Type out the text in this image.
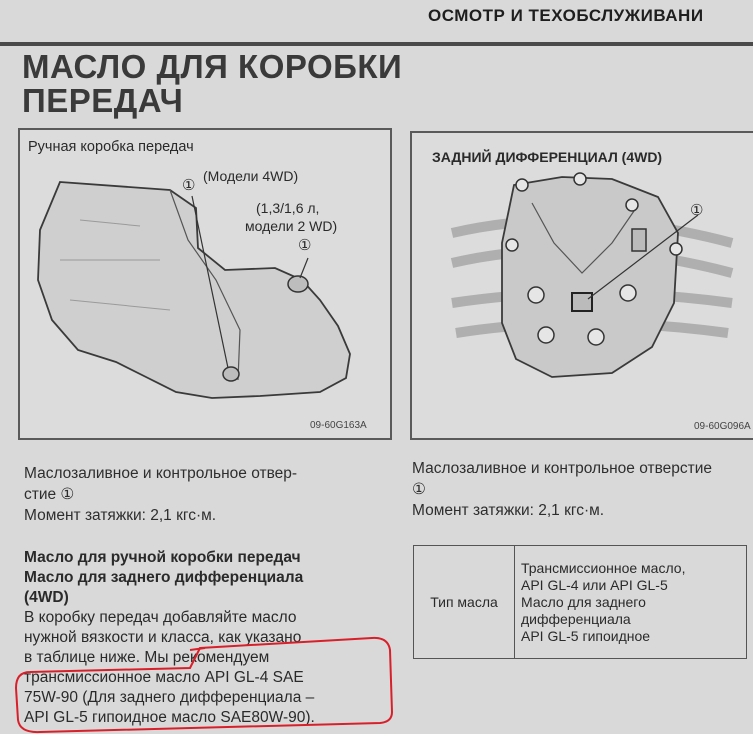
ОСМОТР И ТЕХОБСЛУЖИВАНИ
МАСЛО ДЛЯ КОРОБКИ
ПЕРЕДАЧ
Ручная коробка передач
(Модели 4WD)
(1,3/1,6 л,
модели 2 WD)
①
①
09-60G163A
ЗАДНИЙ ДИФФЕРЕНЦИАЛ (4WD)
①
09-60G096A
Маслозаливное и контрольное отвер-
стие ①
Момент затяжки: 2,1 кгс·м.
Маслозаливное и контрольное отверстие
①
Момент затяжки: 2,1 кгс·м.
Масло для ручной коробки передач
Масло для заднего дифференциала
(4WD)
В коробку передач добавляйте масло
нужной вязкости и класса, как указано
в таблице ниже. Мы рекомендуем
трансмиссионное масло API GL-4 SAE
75W-90 (Для заднего дифференциала –
API GL-5 гипоидное масло SAE80W-90).
Тип масла	
Трансмиссионное масло,
API GL-4 или API GL-5
Масло для заднего
дифференциала
API GL-5 гипоидное
